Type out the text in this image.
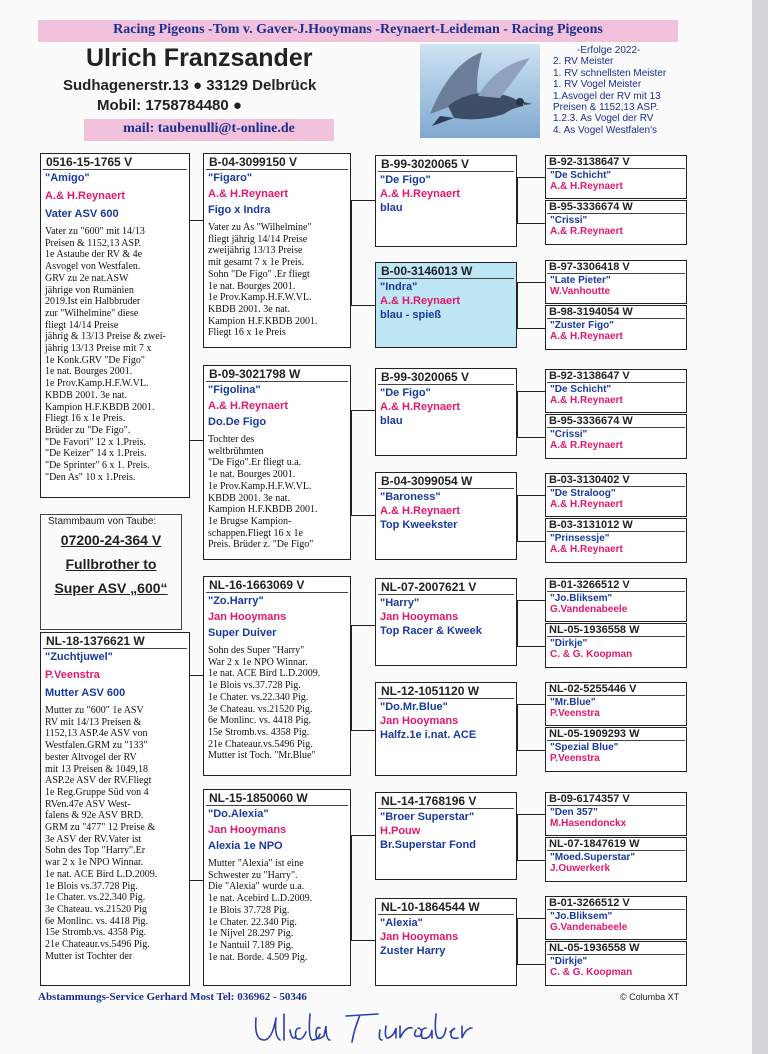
Racing Pigeons -Tom v. Gaver-J.Hooymans -Reynaert-Leideman - Racing Pigeons
Ulrich Franzsander
Sudhagenerstr.13 ● 33129 Delbrück
Mobil: 1758784480 ●
mail: taubenulli@t-online.de
-Erfolge 2022-
2. RV Meister
1. RV schnellsten Meister
1. RV Vogel Meister
1.Asvogel der RV mit 13
Preisen & 1152,13 ASP.
1.2.3. As Vogel der RV
4. As Vogel Westfalen's
0516-15-1765 V
"Amigo"
A.& H.Reynaert
Vater ASV 600
Vater zu "600" mit 14/13
Preisen & 1152,13 ASP.
1e Astaube der RV & 4e
Asvogel von Westfalen.
GRV zu 2e nat.ASW
jährige von Rumänien
2019.Ist ein Halbbruder
zur "Wilhelmine" diese
fliegt 14/14 Preise
jährig & 13/13 Preise & zwei-
jährig 13/13 Preise mit 7 x
1e Konk.GRV "De Figo"
1e nat. Bourges 2001.
1e Prov.Kamp.H.F.W.VL.
KBDB 2001. 3e nat.
Kampion H.F.KBDB 2001.
Fliegt 16 x 1e Preis.
Brüder zu "De Figo".
"De Favori" 12 x 1.Preis.
"De Keizer" 14 x 1.Preis.
"De Sprinter" 6 x 1. Preis.
"Den As" 10 x 1.Preis.
Stammbaum von Taube:
07200-24-364 V
Fullbrother to
Super ASV „600“
NL-18-1376621 W
"Zuchtjuwel"
P.Veenstra
Mutter ASV 600
Mutter zu "600" 1e ASV
RV mit 14/13 Preisen &
1152,13 ASP.4e ASV von
Westfalen.GRM zu "133"
bester Altvogel der RV
mit 13 Preisen & 1049,18
ASP.2e ASV der RV.Fliegt
1e Reg.Gruppe Süd von 4
RVen.47e ASV West-
falens & 92e ASV BRD.
GRM zu "477" 12 Preise &
3e ASV der RV.Vater ist
Sohn des Top "Harry".Er
war 2 x 1e NPO Winnar.
1e nat. ACE Bird L.D.2009.
1e Blois vs.37.728 Pig.
1e Chater. vs.22.340 Pig.
3e Chateau. vs.21520 Pig
6e Monlinc. vs. 4418 Pig.
15e Stromb.vs. 4358 Pig.
21e Chateaur.vs.5496 Pig.
Mutter ist Tochter der
B-04-3099150 V
"Figaro"
A.& H.Reynaert
Figo x Indra
Vater zu As "Wilhelmine"
fliegt jährig 14/14 Preise
zweijährig 13/13 Preise
mit gesamt 7 x 1e Preis.
Sohn "De Figo" .Er fliegt
1e nat. Bourges 2001.
1e Prov.Kamp.H.F.W.VL.
KBDB 2001. 3e nat.
Kampion H.F.KBDB 2001.
Fliegt 16 x 1e Preis
B-09-3021798 W
"Figolina"
A.& H.Reynaert
Do.De Figo
Tochter des
weltbrühmten
"De Figo".Er fliegt u.a.
1e nat. Bourges 2001.
1e Prov.Kamp.H.F.W.VL.
KBDB 2001. 3e nat.
Kampion H.F.KBDB 2001.
1e Brugse Kampion-
schappen.Fliegt 16 x 1e
Preis. Brüder z. "De Figo"
NL-16-1663069 V
"Zo.Harry"
Jan Hooymans
Super Duiver
Sohn des Super "Harry"
War 2 x 1e NPO Winnar.
1e nat. ACE Bird L.D.2009.
1e Blois vs.37.728 Pig.
1e Chater. vs.22.340 Pig.
3e Chateau. vs.21520 Pig.
6e Monlinc. vs. 4418 Pig.
15e Stromb.vs. 4358 Pig.
21e Chateaur.vs.5496 Pig.
Mutter ist Toch. "Mr.Blue"
NL-15-1850060 W
"Do.Alexia"
Jan Hooymans
Alexia 1e NPO
Mutter "Alexia" ist eine
Schwester zu "Harry".
Die "Alexia" wurde u.a.
1e nat. Acebird L.D.2009.
1e Blois 37.728 Pig.
1e Chater. 22.340 Pig.
1e Nijvel 28.297 Pig.
1e Nantuil 7.189 Pig.
1e nat. Borde. 4.509 Pig.
B-99-3020065 V
"De Figo"
A.& H.Reynaert
blau
B-00-3146013 W
"Indra"
A.& H.Reynaert
blau - spieß
B-99-3020065 V
"De Figo"
A.& H.Reynaert
blau
B-04-3099054 W
"Baroness"
A.& H.Reynaert
Top Kweekster
NL-07-2007621 V
"Harry"
Jan Hooymans
Top Racer & Kweek
NL-12-1051120 W
"Do.Mr.Blue"
Jan Hooymans
Halfz.1e i.nat. ACE
NL-14-1768196 V
"Broer Superstar"
H.Pouw
Br.Superstar Fond
NL-10-1864544 W
"Alexia"
Jan Hooymans
Zuster Harry
B-92-3138647 V
"De Schicht"
A.& H.Reynaert
B-95-3336674 W
"Crissi"
A.& R.Reynaert
B-97-3306418 V
"Late Pieter"
W.Vanhoutte
B-98-3194054 W
"Zuster Figo"
A.& H.Reynaert
B-92-3138647 V
"De Schicht"
A.& H.Reynaert
B-95-3336674 W
"Crissi"
A.& R.Reynaert
B-03-3130402 V
"De Straloog"
A.& H.Reynaert
B-03-3131012 W
"Prinsessje"
A.& H.Reynaert
B-01-3266512 V
"Jo.Bliksem"
G.Vandenabeele
NL-05-1936558 W
"Dirkje"
C. & G. Koopman
NL-02-5255446 V
"Mr.Blue"
P.Veenstra
NL-05-1909293 W
"Spezial Blue"
P.Veenstra
B-09-6174357 V
"Den 357"
M.Hasendonckx
NL-07-1847619 W
"Moed.Superstar"
J.Ouwerkerk
B-01-3266512 V
"Jo.Bliksem"
G.Vandenabeele
NL-05-1936558 W
"Dirkje"
C. & G. Koopman
Abstammungs-Service Gerhard Most Tel: 036962 - 50346	© Columba XT
